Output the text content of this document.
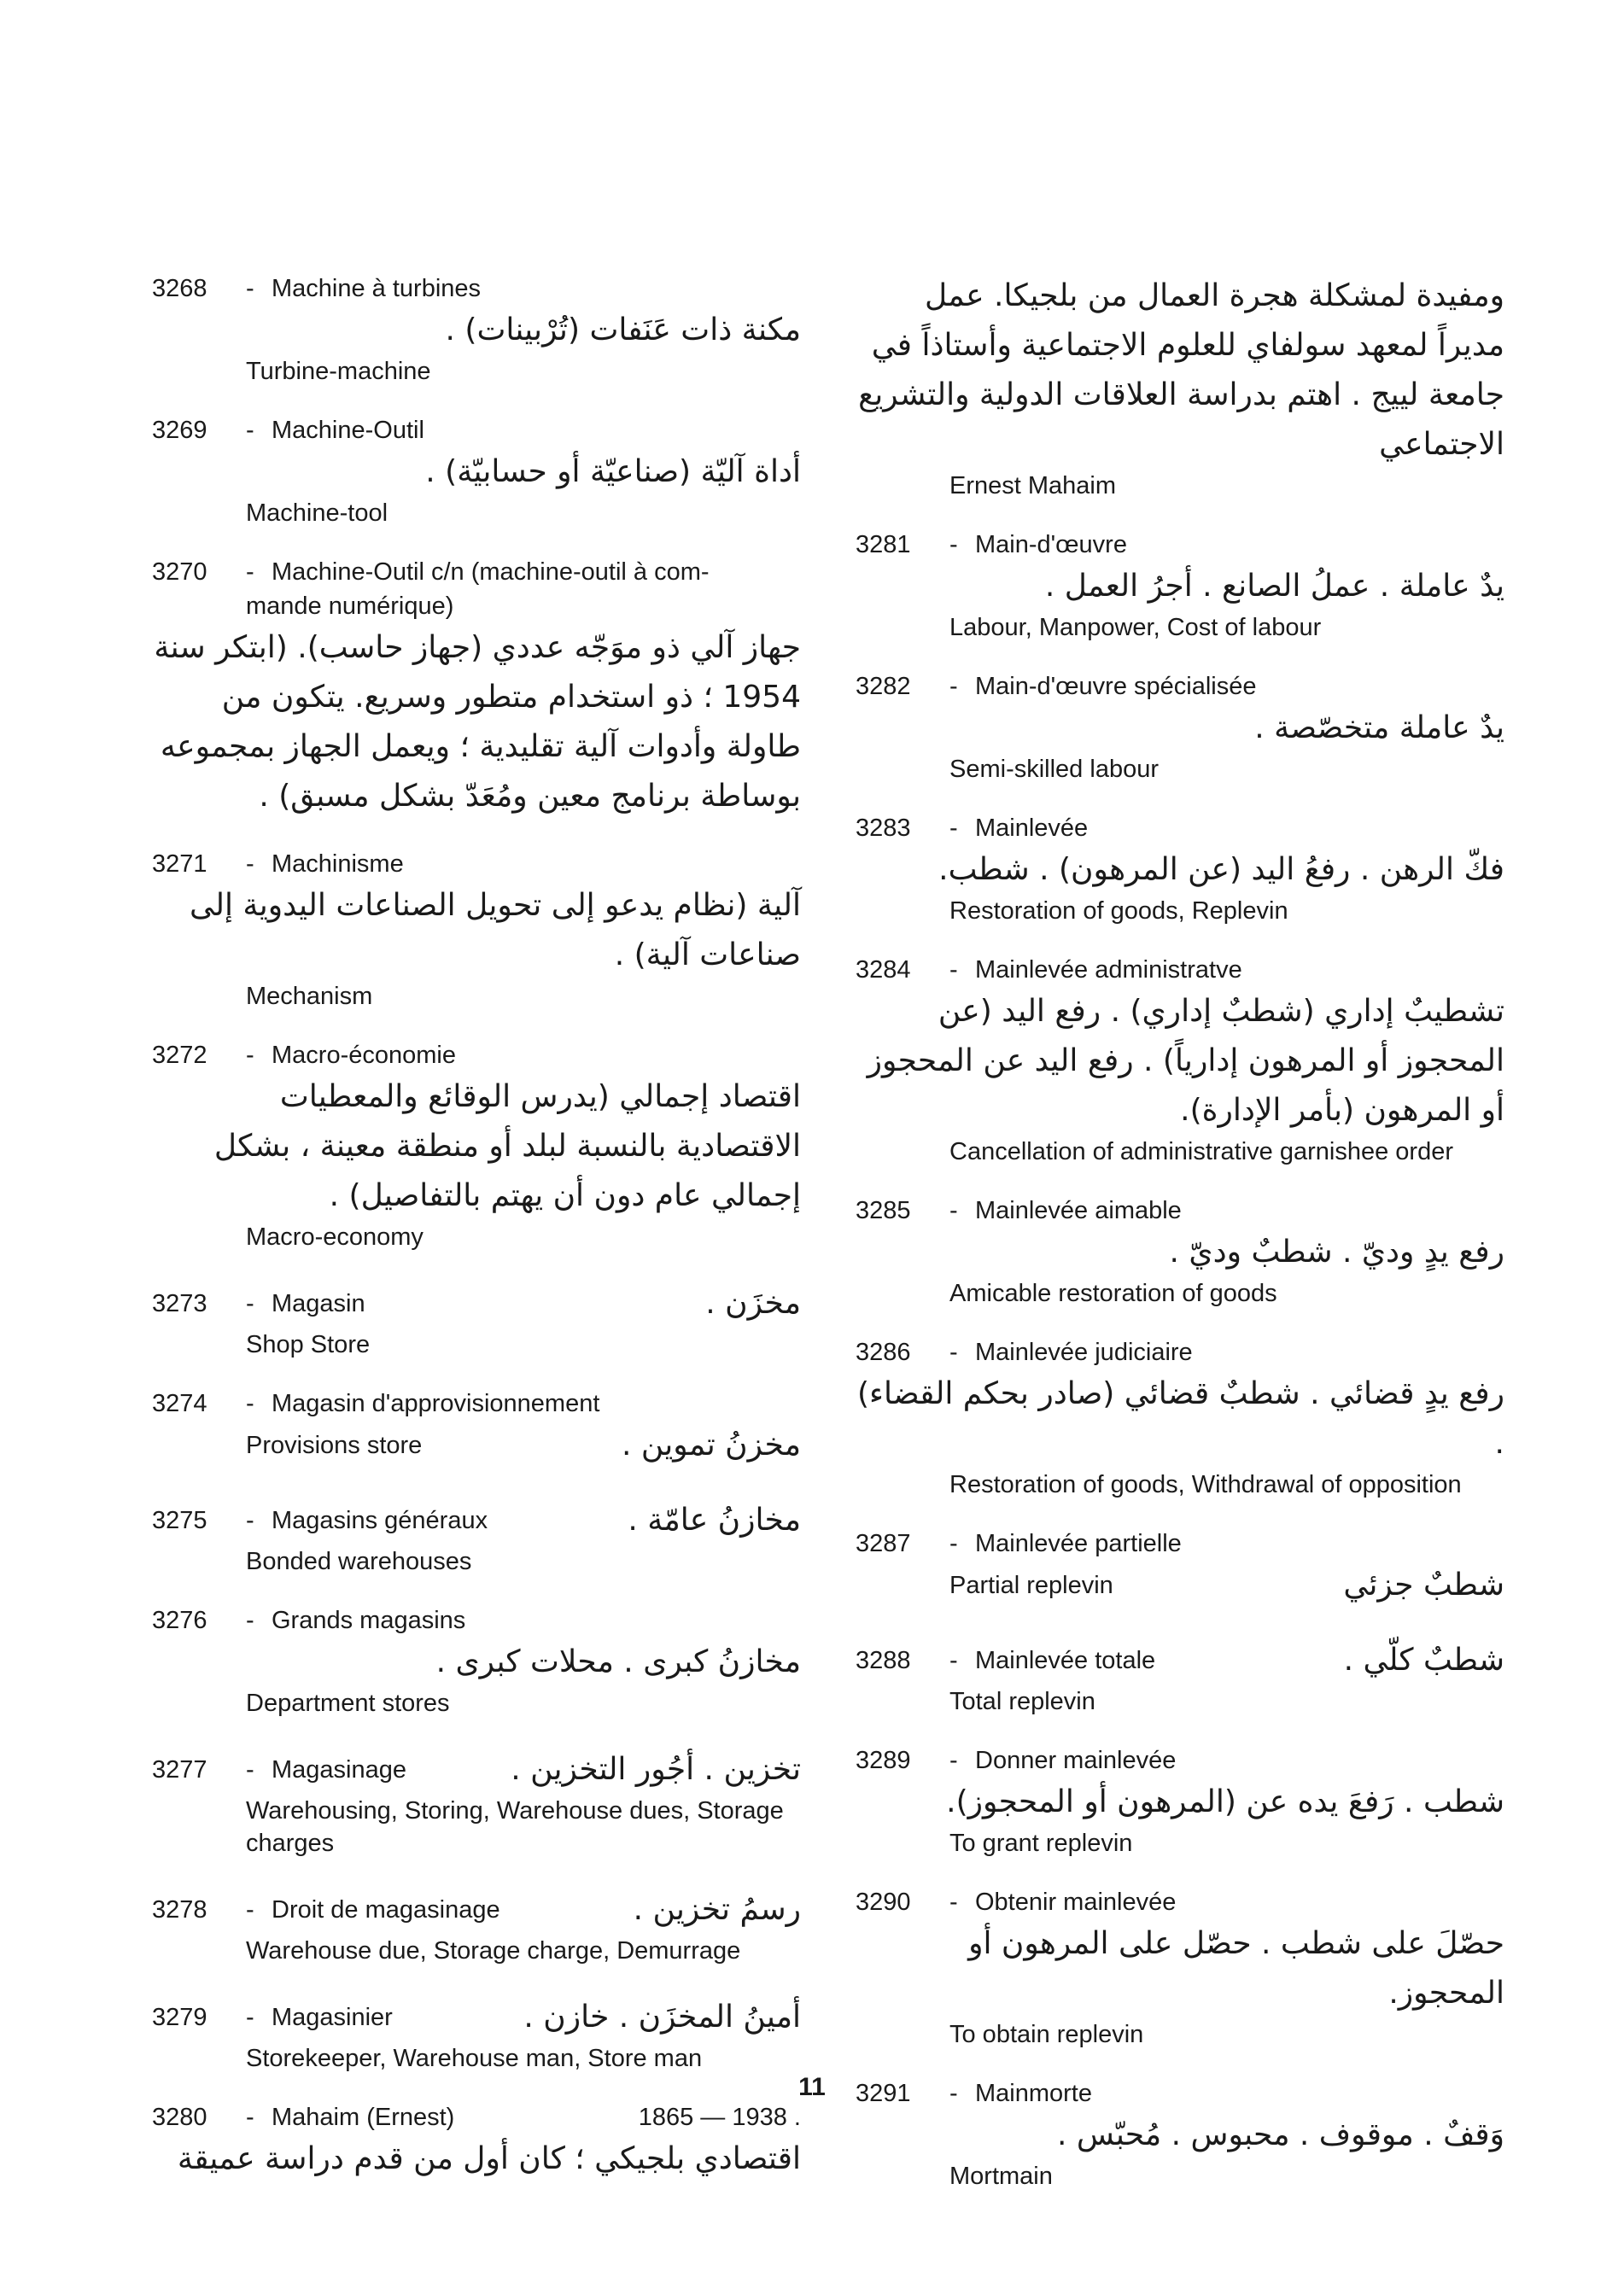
3268 - Machine à turbines
مكنة ذات عَنَفات (تُرْبينات) .
Turbine-machine
3269 - Machine-Outil
أداة آليّة (صناعيّة أو حسابيّة) .
Machine-tool
3270 - Machine-Outil c/n (machine-outil à com-
mande numérique)
جهاز آلي ذو موَجّه عددي (جهاز حاسب). (ابتكر سنة 1954 ؛ ذو استخدام متطور وسريع. يتكون من طاولة وأدوات آلية تقليدية ؛ ويعمل الجهاز بمجموعه بوساطة برنامج معين ومُعَدّ بشكل مسبق) .
3271 - Machinisme
آلية (نظام يدعو إلى تحويل الصناعات اليدوية إلى صناعات آلية) .
Mechanism
3272 - Macro-économie
اقتصاد إجمالي (يدرس الوقائع والمعطيات الاقتصادية بالنسبة لبلد أو منطقة معينة ، بشكل إجمالي عام دون أن يهتم بالتفاصيل) .
Macro-economy
3273 - Magasin	مخزَن .
Shop Store
3274 - Magasin d'approvisionnement
Provisions store	مخزنُ تموين .
3275 - Magasins généraux	مخازنُ عامّة .
Bonded warehouses
3276 - Grands magasins
مخازنُ كبرى . محلات كبرى .
Department stores
3277 - Magasinage	تخزين . أجُور التخزين .
Warehousing, Storing, Warehouse dues, Storage charges
3278 - Droit de magasinage	رسمُ تخزين .
Warehouse due, Storage charge, Demurrage
3279 - Magasinier	أمينُ المخزَن . خازن .
Storekeeper, Warehouse man, Store man
3280 - Mahaim (Ernest)	1865 — 1938 .
اقتصادي بلجيكي ؛ كان أول من قدم دراسة عميقة
ومفيدة لمشكلة هجرة العمال من بلجيكا. عمل مديراً لمعهد سولفاي للعلوم الاجتماعية وأستاذاً في جامعة لييج . اهتم بدراسة العلاقات الدولية والتشريع الاجتماعي
Ernest Mahaim
3281 - Main-d'œuvre
يدٌ عاملة . عملُ الصانع . أجرُ العمل .
Labour, Manpower, Cost of labour
3282 - Main-d'œuvre spécialisée
يدٌ عاملة متخصّصة .
Semi-skilled labour
3283 - Mainlevée
فكّ الرهن . رفعُ اليد (عن المرهون) . شطب.
Restoration of goods, Replevin
3284 - Mainlevée administratve
تشطيبٌ إداري (شطبٌ إداري) . رفع اليد (عن المحجوز أو المرهون إدارياً) . رفع اليد عن المحجوز أو المرهون (بأمر الإدارة).
Cancellation of administrative garnishee order
3285 - Mainlevée aimable
رفع يدٍ وديّ . شطبٌ وديّ .
Amicable restoration of goods
3286 - Mainlevée judiciaire
رفع يدٍ قضائي . شطبٌ قضائي (صادر بحكم القضاء) .
Restoration of goods, Withdrawal of opposition
3287 - Mainlevée partielle
Partial replevin	شطبٌ جزئي
3288 - Mainlevée totale	شطبٌ كلّي .
Total replevin
3289 - Donner mainlevée
شطب . رَفعَ يده عن (المرهون أو المحجوز).
To grant replevin
3290 - Obtenir mainlevée
حصّلَ على شطب . حصّل على المرهون أو المحجوز.
To obtain replevin
3291 - Mainmorte
وَقفٌ . موقوف . محبوس . مُحبّس .
Mortmain
11
